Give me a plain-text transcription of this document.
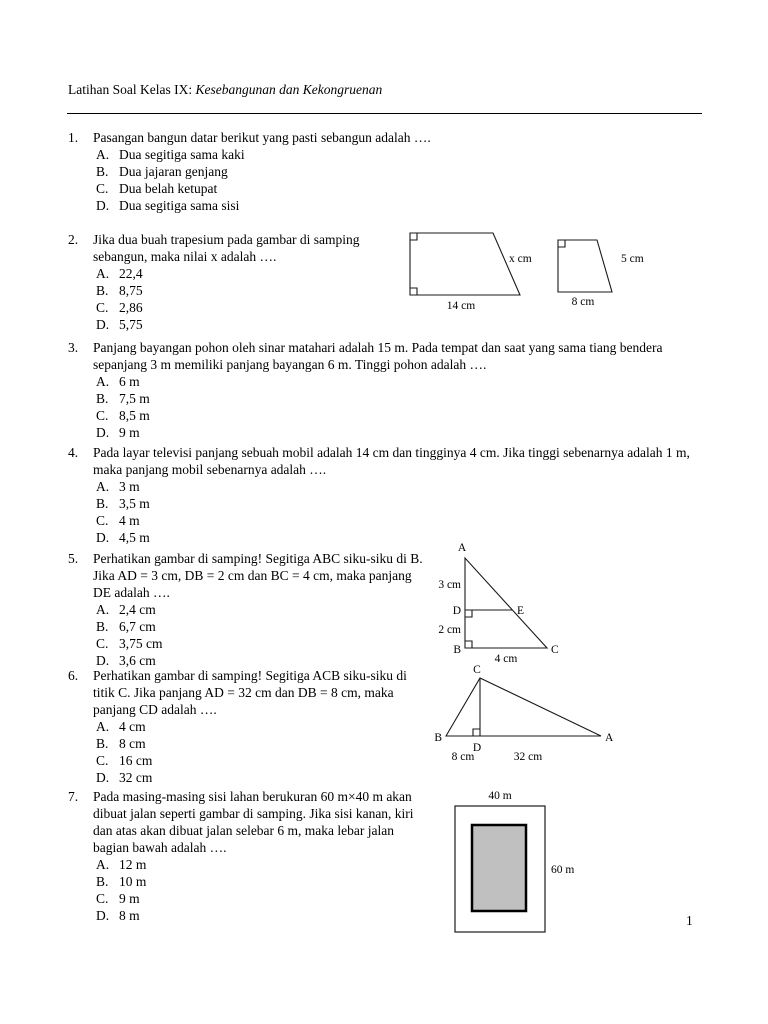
Latihan Soal Kelas IX: Kesebangunan dan Kekongruenan
1.	Pasangan bangun datar berikut yang pasti sebangun adalah ….
A. Dua segitiga sama kaki
B. Dua jajaran genjang
C. Dua belah ketupat
D. Dua segitiga sama sisi
2.	Jika dua buah trapesium pada gambar di samping sebangun, maka nilai x adalah ….
A. 22,4
B. 8,75
C. 2,86
D. 5,75
x cm
14 cm
5 cm
8 cm
3.	Panjang bayangan pohon oleh sinar matahari adalah 15 m. Pada tempat dan saat yang sama tiang bendera sepanjang 3 m memiliki panjang bayangan 6 m. Tinggi pohon adalah ….
A. 6 m
B. 7,5 m
C. 8,5 m
D. 9 m
4.	Pada layar televisi panjang sebuah mobil adalah 14 cm dan tingginya 4 cm. Jika tinggi sebenarnya adalah 1 m, maka panjang mobil sebenarnya adalah ….
A. 3 m
B. 3,5 m
C. 4 m
D. 4,5 m
5.	Perhatikan gambar di samping! Segitiga ABC siku-siku di B. Jika AD = 3 cm, DB = 2 cm dan BC = 4 cm, maka panjang DE adalah ….
A. 2,4 cm
B. 6,7 cm
C. 3,75 cm
D. 3,6 cm
A
3 cm
D	E
2 cm
B
4 cm
C
6.	Perhatikan gambar di samping! Segitiga ACB siku-siku di titik C. Jika panjang AD = 32 cm dan DB = 8 cm, maka panjang CD adalah ….
A. 4 cm
B. 8 cm
C. 16 cm
D. 32 cm
C
B	A
D
8 cm	32 cm
7.	Pada masing-masing sisi lahan berukuran 60 m×40 m akan dibuat jalan seperti gambar di samping. Jika sisi kanan, kiri dan atas akan dibuat jalan selebar 6 m, maka lebar jalan bagian bawah adalah ….
A. 12 m
B. 10 m
C. 9 m
D. 8 m
40 m
60 m
1
